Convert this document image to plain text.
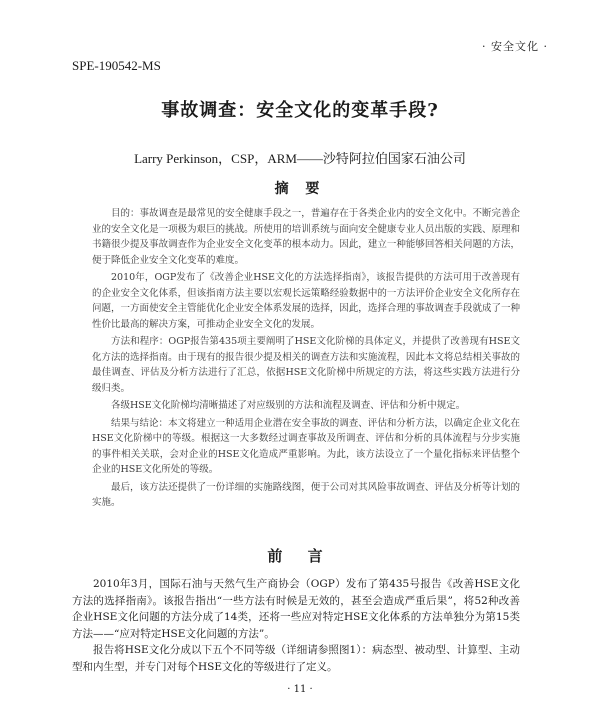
· 安全文化 ·
SPE-190542-MS
事故调查：安全文化的变革手段?
Larry Perkinson，CSP，ARM——沙特阿拉伯国家石油公司
摘 要

目的：事故调查是最常见的安全健康手段之一，普遍存在于各类企业内的安全文化中。不断完善企业的安全文化是一项极为艰巨的挑战。所使用的培训系统与面向安全健康专业人员出版的实践、原理和书籍很少提及事故调查作为企业安全文化变革的根本动力。因此，建立一种能够回答相关问题的方法，便于降低企业安全文化变革的难度。

2010年，OGP发布了《改善企业HSE文化的方法选择指南》，该报告提供的方法可用于改善现有的企业安全文化体系，但该指南方法主要以宏观长远策略经验数据中的一方法评价企业安全文化所存在问题，一方面使安全主管能优化企业安全体系发展的选择，因此，选择合理的事故调查手段就成了一种性价比最高的解决方案，可推动企业安全文化的发展。

方法和程序：OGP报告第435项主要阐明了HSE文化阶梯的具体定义，并提供了改善现有HSE文化方法的选择指南。由于现有的报告很少提及相关的调查方法和实施流程，因此本文将总结相关事故的最佳调查、评估及分析方法进行了汇总，依据HSE文化阶梯中所规定的方法，将这些实践方法进行分级归类。

各级HSE文化阶梯均清晰描述了对应级别的方法和流程及调查、评估和分析中规定。

结果与结论：本文将建立一种适用企业潜在安全事故的调查、评估和分析方法，以确定企业文化在HSE文化阶梯中的等级。根据这一大多数经过调查事故及所调查、评估和分析的具体流程与分步实施的事件相关关联，会对企业的HSE文化造成严重影响。为此，该方法设立了一个量化指标来评估整个企业的HSE文化所处的等级。

最后，该方法还提供了一份详细的实施路线图，便于公司对其风险事故调查、评估及分析等计划的实施。

前 言

2010年3月，国际石油与天然气生产商协会（OGP）发布了第435号报告《改善HSE文化方法的选择指南》。该报告指出“一些方法有时候是无效的，甚至会造成严重后果”，将52种改善企业HSE文化问题的方法分成了14类，还将一些应对特定HSE文化体系的方法单独分为第15类方法——“应对特定HSE文化问题的方法”。

报告将HSE文化分成以下五个不同等级（详细请参照图1）：病态型、被动型、计算型、主动型和内生型，并专门对每个HSE文化的等级进行了定义。

· 11 ·
